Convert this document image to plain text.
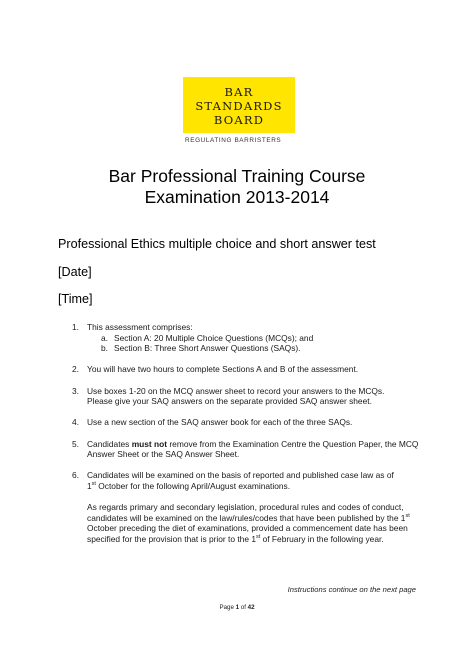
BAR
STANDARDS
BOARD
REGULATING BARRISTERS
Bar Professional Training Course
Examination 2013-2014
Professional Ethics multiple choice and short answer test
[Date]
[Time]
1. This assessment comprises:
a. Section A: 20 Multiple Choice Questions (MCQs); and
b. Section B: Three Short Answer Questions (SAQs).
2. You will have two hours to complete Sections A and B of the assessment.
3. Use boxes 1-20 on the MCQ answer sheet to record your answers to the MCQs.
Please give your SAQ answers on the separate provided SAQ answer sheet.
4. Use a new section of the SAQ answer book for each of the three SAQs.
5. Candidates must not remove from the Examination Centre the Question Paper, the MCQ Answer Sheet or the SAQ Answer Sheet.
6. Candidates will be examined on the basis of reported and published case law as of
1st October for the following April/August examinations.
As regards primary and secondary legislation, procedural rules and codes of conduct, candidates will be examined on the law/rules/codes that have been published by the 1st October preceding the diet of examinations, provided a commencement date has been specified for the provision that is prior to the 1st of February in the following year.
Instructions continue on the next page
Page 1 of 42
